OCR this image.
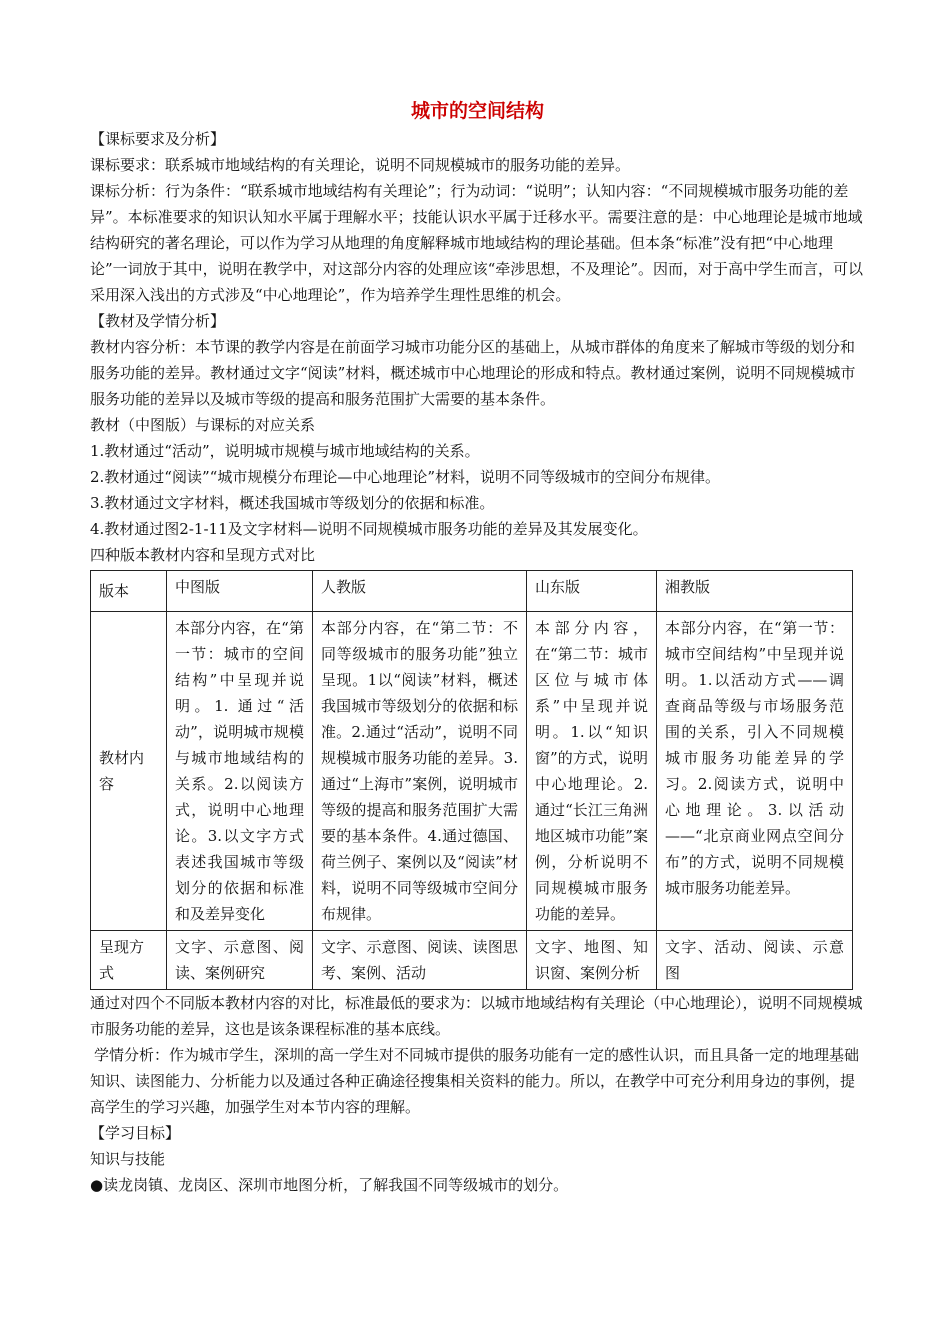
城市的空间结构
【课标要求及分析】
课标要求：联系城市地域结构的有关理论，说明不同规模城市的服务功能的差异。
课标分析：行为条件：“联系城市地域结构有关理论”；行为动词：“说明”；认知内容：“不同规模城市服务功能的差异”。本标准要求的知识认知水平属于理解水平；技能认识水平属于迁移水平。需要注意的是：中心地理论是城市地域结构研究的著名理论，可以作为学习从地理的角度解释城市地域结构的理论基础。但本条“标准”没有把“中心地理论”一词放于其中，说明在教学中，对这部分内容的处理应该“牵涉思想，不及理论”。因而，对于高中学生而言，可以采用深入浅出的方式涉及“中心地理论”，作为培养学生理性思维的机会。
【教材及学情分析】
教材内容分析：本节课的教学内容是在前面学习城市功能分区的基础上，从城市群体的角度来了解城市等级的划分和服务功能的差异。教材通过文字“阅读”材料，概述城市中心地理论的形成和特点。教材通过案例，说明不同规模城市服务功能的差异以及城市等级的提高和服务范围扩大需要的基本条件。
教材（中图版）与课标的对应关系
1.教材通过“活动”，说明城市规模与城市地域结构的关系。
2.教材通过“阅读”“城市规模分布理论—中心地理论”材料，说明不同等级城市的空间分布规律。
3.教材通过文字材料，概述我国城市等级划分的依据和标准。
4.教材通过图2-1-11及文字材料—说明不同规模城市服务功能的差异及其发展变化。
四种版本教材内容和呈现方式对比
版本	中图版	人教版	山东版	湘教版
教材内容	本部分内容，在“第一节：城市的空间结构”中呈现并说明。1. 通过“活动”，说明城市规模与城市地域结构的关系。2.以阅读方式，说明中心地理论。3.以文字方式表述我国城市等级划分的依据和标准和及差异变化	本部分内容，在“第二节：不同等级城市的服务功能”独立呈现。1以“阅读”材料，概述我国城市等级划分的依据和标准。2.通过“活动”，说明不同规模城市服务功能的差异。3.通过“上海市”案例，说明城市等级的提高和服务范围扩大需要的基本条件。4.通过德国、荷兰例子、案例以及“阅读”材料，说明不同等级城市空间分布规律。	本部分内容，在“第二节：城市区位与城市体系”中呈现并说明。1.以“知识窗”的方式，说明中心地理论。2.通过“长江三角洲地区城市功能”案例，分析说明不同规模城市服务功能的差异。	本部分内容，在“第一节：城市空间结构”中呈现并说明。1.以活动方式——调查商品等级与市场服务范围的关系，引入不同规模城市服务功能差异的学习。2.阅读方式，说明中心地理论。3.以活动——“北京商业网点空间分布”的方式，说明不同规模城市服务功能差异。
呈现方式	文字、示意图、阅读、案例研究	文字、示意图、阅读、读图思考、案例、活动	文字、地图、知识窗、案例分析	文字、活动、阅读、示意图
通过对四个不同版本教材内容的对比，标准最低的要求为：以城市地域结构有关理论（中心地理论），说明不同规模城市服务功能的差异，这也是该条课程标准的基本底线。
学情分析：作为城市学生，深圳的高一学生对不同城市提供的服务功能有一定的感性认识，而且具备一定的地理基础知识、读图能力、分析能力以及通过各种正确途径搜集相关资料的能力。所以，在教学中可充分利用身边的事例，提高学生的学习兴趣，加强学生对本节内容的理解。
【学习目标】
知识与技能
●读龙岗镇、龙岗区、深圳市地图分析，了解我国不同等级城市的划分。
